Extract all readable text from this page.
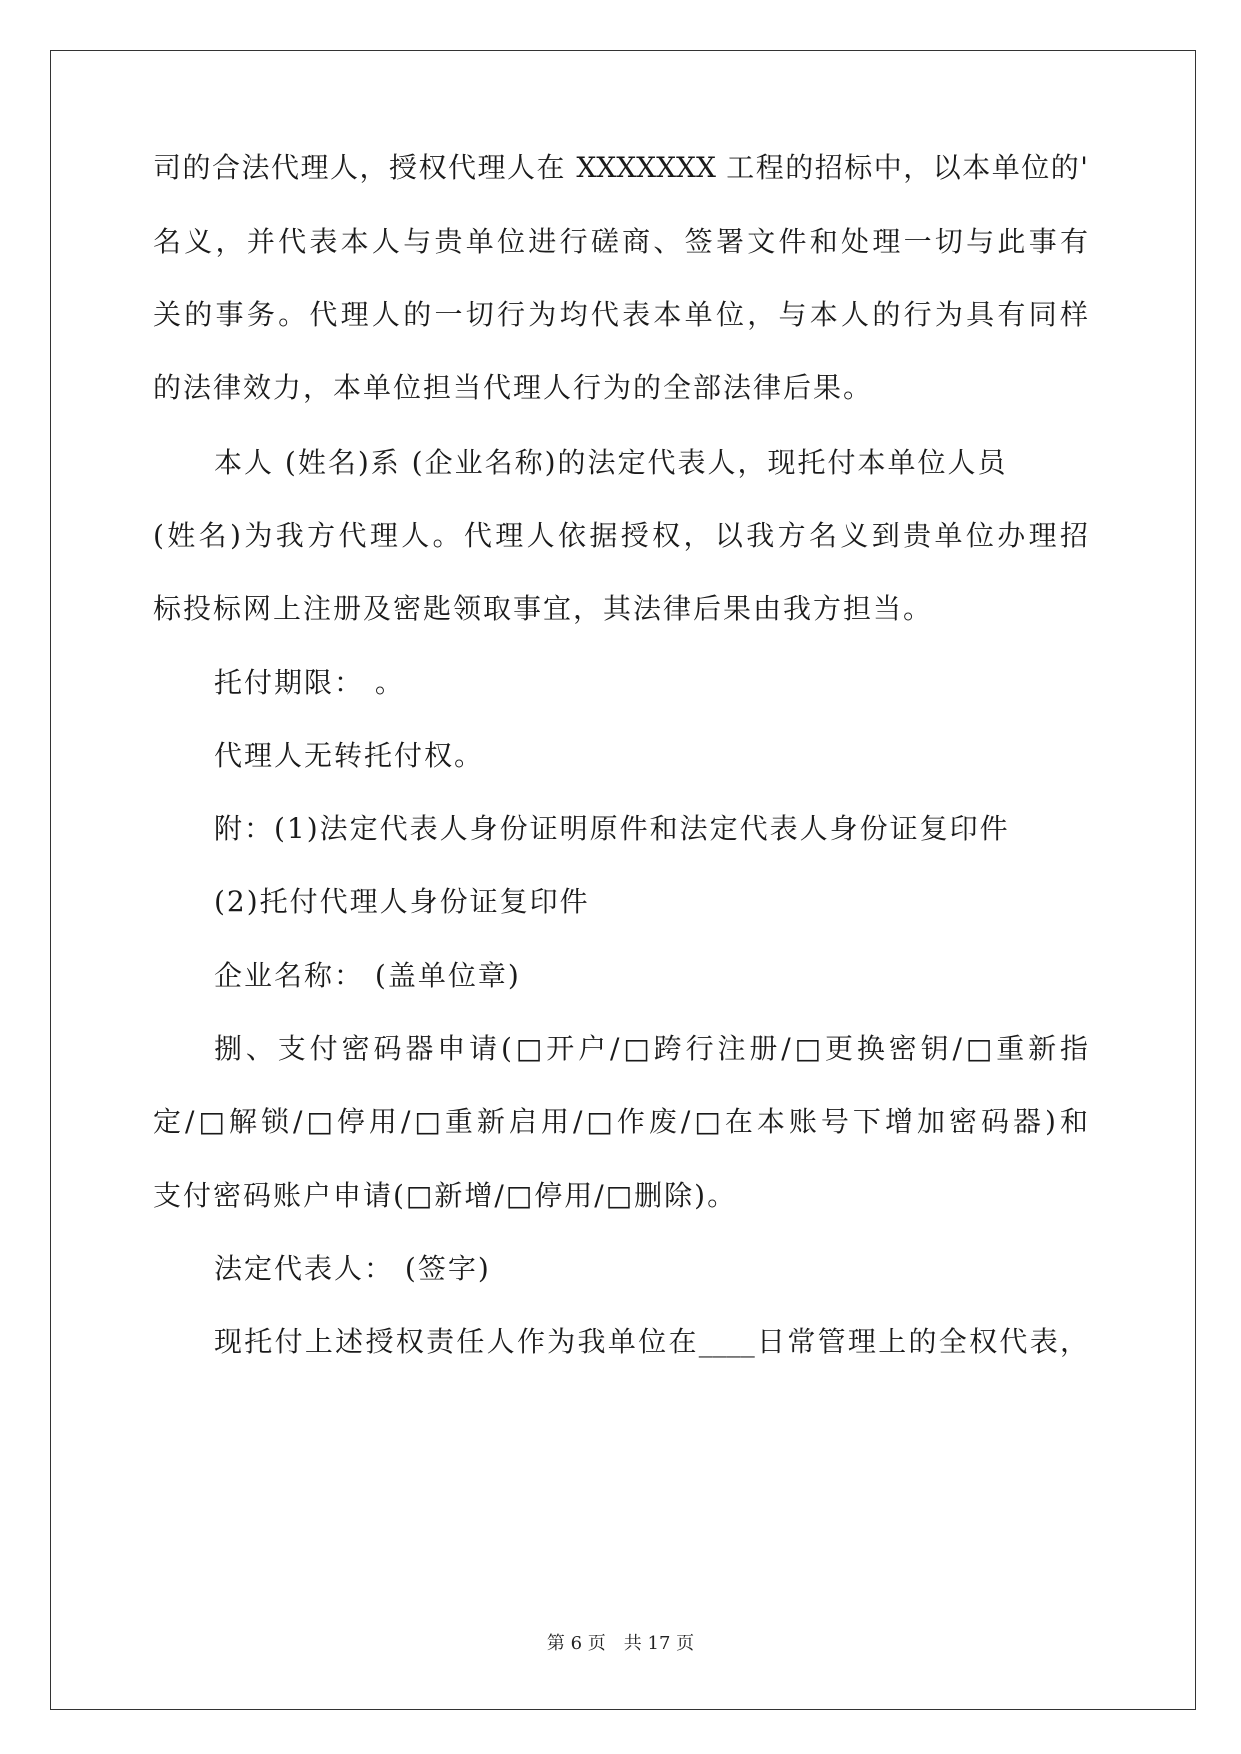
司的合法代理人，授权代理人在 XXXXXXX 工程的招标中，以本单位的'
名义，并代表本人与贵单位进行磋商、签署文件和处理一切与此事有
关的事务。代理人的一切行为均代表本单位，与本人的行为具有同样
的法律效力，本单位担当代理人行为的全部法律后果。
本人 (姓名)系 (企业名称)的法定代表人，现托付本单位人员
(姓名)为我方代理人。代理人依据授权，以我方名义到贵单位办理招
标投标网上注册及密匙领取事宜，其法律后果由我方担当。
托付期限： 。
代理人无转托付权。
附：(1)法定代表人身份证明原件和法定代表人身份证复印件
(2)托付代理人身份证复印件
企业名称： (盖单位章)
捌、支付密码器申请(□开户/□跨行注册/□更换密钥/□重新指
定/□解锁/□停用/□重新启用/□作废/□在本账号下增加密码器)和
支付密码账户申请(□新增/□停用/□删除)。
法定代表人： (签字)
现托付上述授权责任人作为我单位在____日常管理上的全权代表，
第 6 页　共 17 页
